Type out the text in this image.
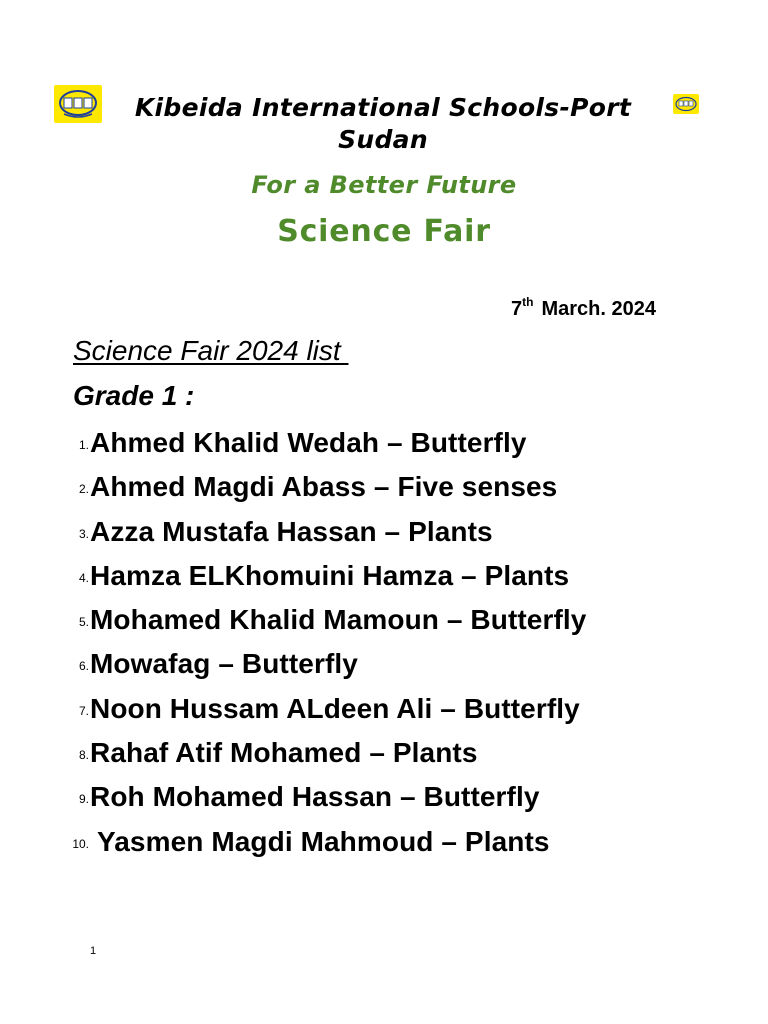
Kibeida International Schools-Port Sudan
For a Better Future
Science Fair
7th March. 2024
Science Fair 2024 list
Grade 1 :
1. Ahmed Khalid Wedah – Butterfly
2. Ahmed Magdi Abass – Five senses
3. Azza Mustafa Hassan – Plants
4. Hamza ELKhomuini Hamza – Plants
5. Mohamed Khalid Mamoun – Butterfly
6. Mowafag – Butterfly
7. Noon Hussam ALdeen Ali – Butterfly
8. Rahaf Atif Mohamed – Plants
9. Roh Mohamed Hassan – Butterfly
10. Yasmen Magdi Mahmoud – Plants
1
